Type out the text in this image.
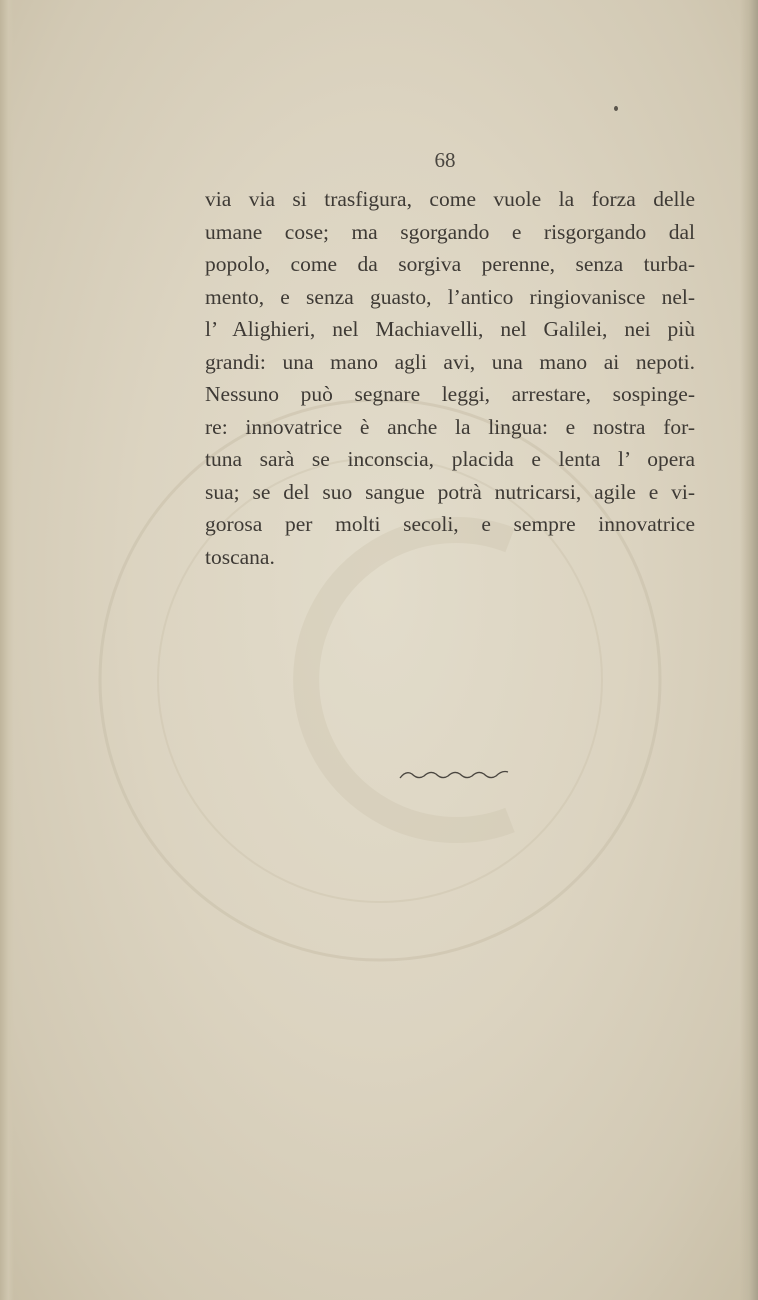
68
via via si trasfigura, come vuole la forza delle
umane cose; ma sgorgando e risgorgando dal
popolo, come da sorgiva perenne, senza turba-
mento, e senza guasto, l’antico ringiovanisce nel-
l’ Alighieri, nel Machiavelli, nel Galilei, nei più
grandi: una mano agli avi, una mano ai nepoti.
Nessuno può segnare leggi, arrestare, sospinge-
re: innovatrice è anche la lingua: e nostra for-
tuna sarà se inconscia, placida e lenta l’ opera
sua; se del suo sangue potrà nutricarsi, agile e vi-
gorosa per molti secoli, e sempre innovatrice
toscana.
